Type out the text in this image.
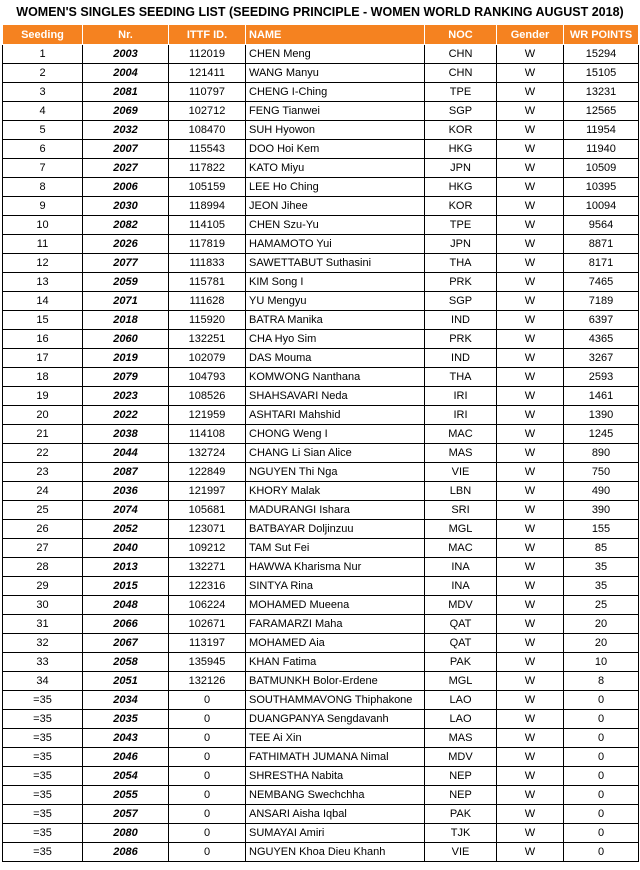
WOMEN'S SINGLES SEEDING LIST (SEEDING PRINCIPLE - WOMEN WORLD RANKING AUGUST 2018)
Seeding	Nr.	ITTF ID.	NAME	NOC	Gender	WR POINTS
1	2003	112019	CHEN Meng	CHN	W	15294
2	2004	121411	WANG Manyu	CHN	W	15105
3	2081	110797	CHENG I-Ching	TPE	W	13231
4	2069	102712	FENG Tianwei	SGP	W	12565
5	2032	108470	SUH Hyowon	KOR	W	11954
6	2007	115543	DOO Hoi Kem	HKG	W	11940
7	2027	117822	KATO Miyu	JPN	W	10509
8	2006	105159	LEE Ho Ching	HKG	W	10395
9	2030	118994	JEON Jihee	KOR	W	10094
10	2082	114105	CHEN Szu-Yu	TPE	W	9564
11	2026	117819	HAMAMOTO Yui	JPN	W	8871
12	2077	111833	SAWETTABUT Suthasini	THA	W	8171
13	2059	115781	KIM Song I	PRK	W	7465
14	2071	111628	YU Mengyu	SGP	W	7189
15	2018	115920	BATRA Manika	IND	W	6397
16	2060	132251	CHA Hyo Sim	PRK	W	4365
17	2019	102079	DAS Mouma	IND	W	3267
18	2079	104793	KOMWONG Nanthana	THA	W	2593
19	2023	108526	SHAHSAVARI Neda	IRI	W	1461
20	2022	121959	ASHTARI Mahshid	IRI	W	1390
21	2038	114108	CHONG Weng I	MAC	W	1245
22	2044	132724	CHANG Li Sian Alice	MAS	W	890
23	2087	122849	NGUYEN Thi Nga	VIE	W	750
24	2036	121997	KHORY Malak	LBN	W	490
25	2074	105681	MADURANGI Ishara	SRI	W	390
26	2052	123071	BATBAYAR Doljinzuu	MGL	W	155
27	2040	109212	TAM Sut Fei	MAC	W	85
28	2013	132271	HAWWA Kharisma Nur	INA	W	35
29	2015	122316	SINTYA Rina	INA	W	35
30	2048	106224	MOHAMED Mueena	MDV	W	25
31	2066	102671	FARAMARZI Maha	QAT	W	20
32	2067	113197	MOHAMED Aia	QAT	W	20
33	2058	135945	KHAN Fatima	PAK	W	10
34	2051	132126	BATMUNKH Bolor-Erdene	MGL	W	8
=35	2034	0	SOUTHAMMAVONG Thiphakone	LAO	W	0
=35	2035	0	DUANGPANYA Sengdavanh	LAO	W	0
=35	2043	0	TEE Ai Xin	MAS	W	0
=35	2046	0	FATHIMATH JUMANA Nimal	MDV	W	0
=35	2054	0	SHRESTHA Nabita	NEP	W	0
=35	2055	0	NEMBANG Swechchha	NEP	W	0
=35	2057	0	ANSARI Aisha Iqbal	PAK	W	0
=35	2080	0	SUMAYAI Amiri	TJK	W	0
=35	2086	0	NGUYEN Khoa Dieu Khanh	VIE	W	0
